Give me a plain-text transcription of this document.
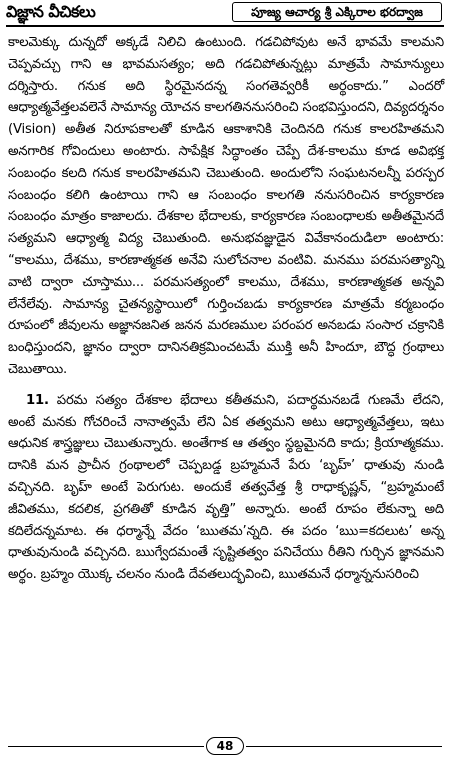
విజ్ఞాన వీచికలు	పూజ్య ఆచార్య శ్రీ ఎక్కిరాల భరద్వాజ

కాలమెక్కు దున్నదో అక్కడే నిలిచి ఉంటుంది. గడచిపోవుట అనే భావమే కాలమని చెప్పవచ్చు గాని ఆ భావమసత్యం; అది గడచిపోతున్నట్లు మాత్రమే సామాన్యులు దర్శిస్తారు. గనుక అది స్థిరమైనదన్న సంగతెవ్వరికీ అర్థంకాదు.” ఎందరో ఆధ్యాత్మవేత్తలవలెనే సామాన్య యోచన కాలగతిననుసరించి సంభవిస్తుందని, దివ్యదర్శనం (Vision) అతీత నిరూపకాలతో కూడిన ఆకాశానికి చెందినది గనుక కాలరహితమని అనగారిక గోవిందులు అంటారు. సాపేక్షిక సిద్ధాంతం చెప్పే దేశ-కాలము కూడ అవిభక్త సంబంధం కలది గనుక కాలరహితమని చెబుతుంది. అందులోని సంఘటనలన్నీ పరస్పర సంబంధం కలిగి ఉంటాయి గాని ఆ సంబంధం కాలగతి ననుసరించిన కార్యకారణ సంబంధం మాత్రం కాజాలదు. దేశకాల భేదాలకు, కార్యకారణ సంబంధాలకు అతీతమైనదే సత్యమని ఆధ్యాత్మ విద్య చెబుతుంది. అనుభవజ్ఞుడైన వివేకానందుడిలా అంటారు: “కాలము, దేశము, కారణాత్మకత అనేవి సులోచనాల వంటివి. మనము పరమసత్యాన్ని వాటి ద్వారా చూస్తాము... పరమసత్యంలో కాలము, దేశము, కారణాత్మకత అన్నవి లేనేలేవు. సామాన్య చైతన్యస్థాయిలో గుర్తించబడు కార్యకారణ మాత్రమే కర్మబంధం రూపంలో జీవులను అజ్ఞానజనిత జనన మరణముల పరంపర అనబడు సంసార చక్రానికి బంధిస్తుందని, జ్ఞానం ద్వారా దానినతిక్రమించటమే ముక్తి అనీ హిందూ, బౌద్ధ గ్రంథాలు చెబుతాయి.

11. పరమ సత్యం దేశకాల భేదాలు కతీతమని, పదార్థమనబడే గుణమే లేదని, అంటే మనకు గోచరించే నానాత్వమే లేని ఏక తత్వమని అటు ఆధ్యాత్మవేత్తలు, ఇటు ఆధునిక శాస్త్రజ్ఞులు చెబుతున్నారు. అంతేగాక ఆ తత్వం స్థబ్దమైనది కాదు; క్రియాత్మకము. దానికి మన ప్రాచీన గ్రంథాలలో చెప్పబడ్డ బ్రహ్మమనే పేరు ‘బృహ్’ ధాతువు నుండి వచ్చినది. బృహ్ అంటే పెరుగుట. అందుకే తత్వవేత్త శ్రీ రాధాకృష్ణన్, “బ్రహ్మమంటే జీవితము, కదలిక, ప్రగతితో కూడిన వృత్తి” అన్నారు. అంటే రూపం లేకున్నా అది కదిలేదన్నమాట. ఈ ధర్మాన్నే వేదం ‘ఋతమ’న్నది. ఈ పదం ‘ఋ=కదలుట’ అన్న ధాతువునుండి వచ్చినది. ఋగ్వేదమంతే సృష్టితత్వం పనిచేయు రీతిని గుర్చిన జ్ఞానమని అర్థం. బ్రహ్మం యొక్క చలనం నుండి దేవతలుద్భవించి, ఋతమనే ధర్మాన్ననుసరించి

48
